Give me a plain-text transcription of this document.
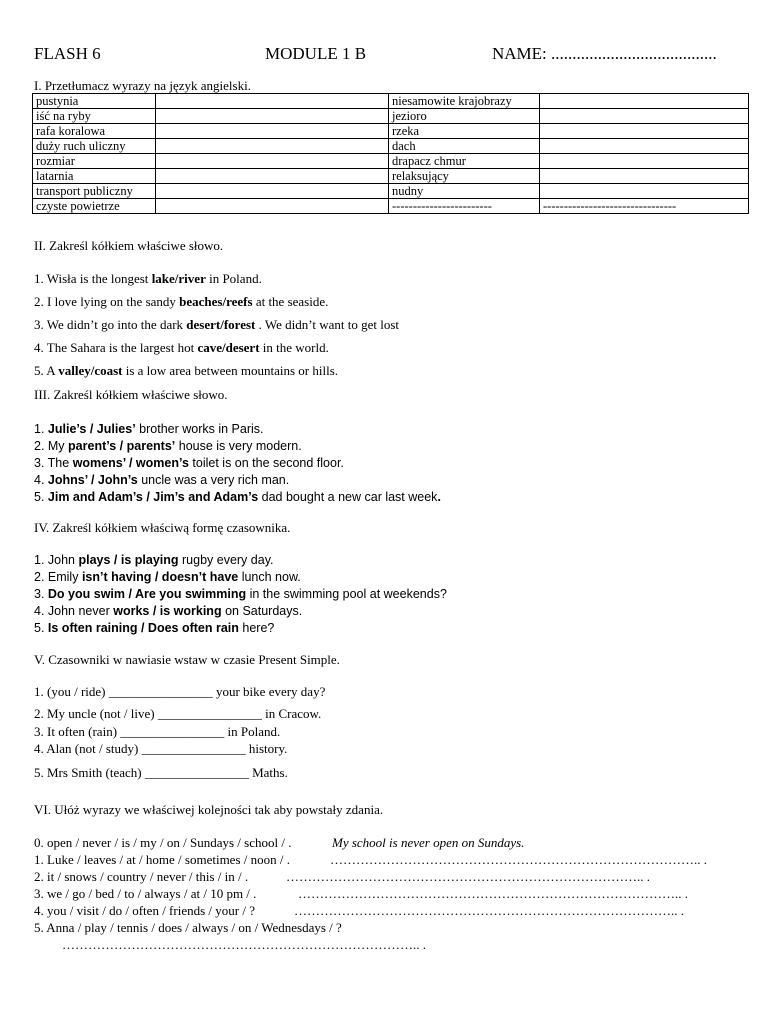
FLASH 6	MODULE 1 B	NAME: .......................................
I. Przetłumacz wyrazy na język angielski.
pustynia		niesamowite krajobrazy	
iść na ryby		jezioro	
rafa koralowa		rzeka	
duży ruch uliczny		dach	
rozmiar		drapacz chmur	
latarnia		relaksujący	
transport publiczny		nudny	
czyste powietrze		------------------------	--------------------------------
II. Zakreśl kółkiem właściwe słowo.
1. Wisła is the longest lake/river in Poland.
2. I love lying on the sandy beaches/reefs at the seaside.
3. We didn’t go into the dark desert/forest . We didn’t want to get lost
4. The Sahara is the largest hot cave/desert in the world.
5. A valley/coast is a low area between mountains or hills.
III. Zakreśl kółkiem właściwe słowo.
1. Julie’s / Julies’ brother works in Paris.
2. My parent’s / parents’ house is very modern.
3. The womens’ / women’s toilet is on the second floor.
4. Johns’ / John’s uncle was a very rich man.
5. Jim and Adam’s / Jim’s and Adam’s dad bought a new car last week.
IV. Zakreśl kółkiem właściwą formę czasownika.
1. John plays / is playing rugby every day.
2. Emily isn’t having / doesn’t have lunch now.
3. Do you swim / Are you swimming in the swimming pool at weekends?
4. John never works / is working on Saturdays.
5. Is often raining / Does often rain here?
V. Czasowniki w nawiasie wstaw w czasie Present Simple.
1. (you / ride) ________________ your bike every day?
2. My uncle (not / live) ________________ in Cracow.
3. It often (rain) ________________ in Poland.
4. Alan (not / study) ________________ history.
5. Mrs Smith (teach) ________________ Maths.
VI. Ułóż wyrazy we właściwej kolejności tak aby powstały zdania.
0. open / never / is / my / on / Sundays / school / .	My school is never open on Sundays.
1. Luke / leaves / at / home / sometimes / noon / .	………………………………………………………………………….. .
2. it / snows / country / never / this / in / .	……………………………………………………………………….. .
3. we / go / bed / to / always / at / 10 pm / .	…………………………………………………………………………….. .
4. you / visit / do / often / friends / your / ?	…………………………………………………………………………….. .
5. Anna / play / tennis / does / always / on / Wednesdays / ?
……………………………………………………………………….. .
